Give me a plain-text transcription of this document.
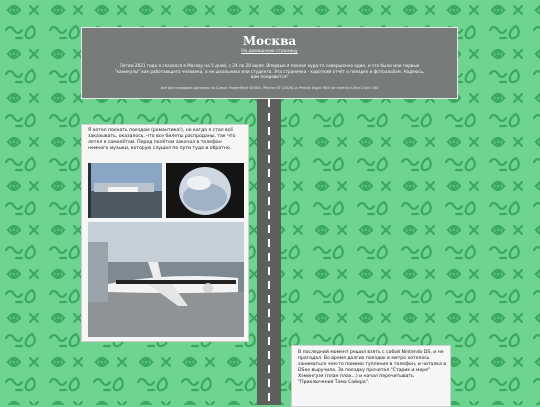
Москва
На домашнюю страницу
Летом 2021 года я сказался в Москву на 5 дней, с 24 по 28 июля. Впервые я поехал куда-то совершенно один, и это были мои первые "каникулы" как работающего человека, а не школьника или студента. Эта страничка - короткий отчёт о поездке и фотоальбом. Надеюсь, вам понравится!
все фотографии сделаны на Canon PowerShot SX500, iPhone SE (2016) и Pentax Espio 60S на плёнку Ultra Color 160
Я хотел поехать поездом (романтика!), но когда я стал всё заказывать, оказалось, что все билеты распроданы, так что летел я самолётом. Перед полётом закачал в телефон немного музыки, которую слушал по пути туда и обратно.
В последний момент решил взять с собой Nintendo DS, и не прогадал. Во время долгих поездок в метро хотелось заниматься чем-то помимо тупления в телефон, и читалка в DSке выручила. За поездку прочитал "Старик и море" Хэмингуэя (план плах...) и начал перечитывать "Приключения Тома Сойера".
